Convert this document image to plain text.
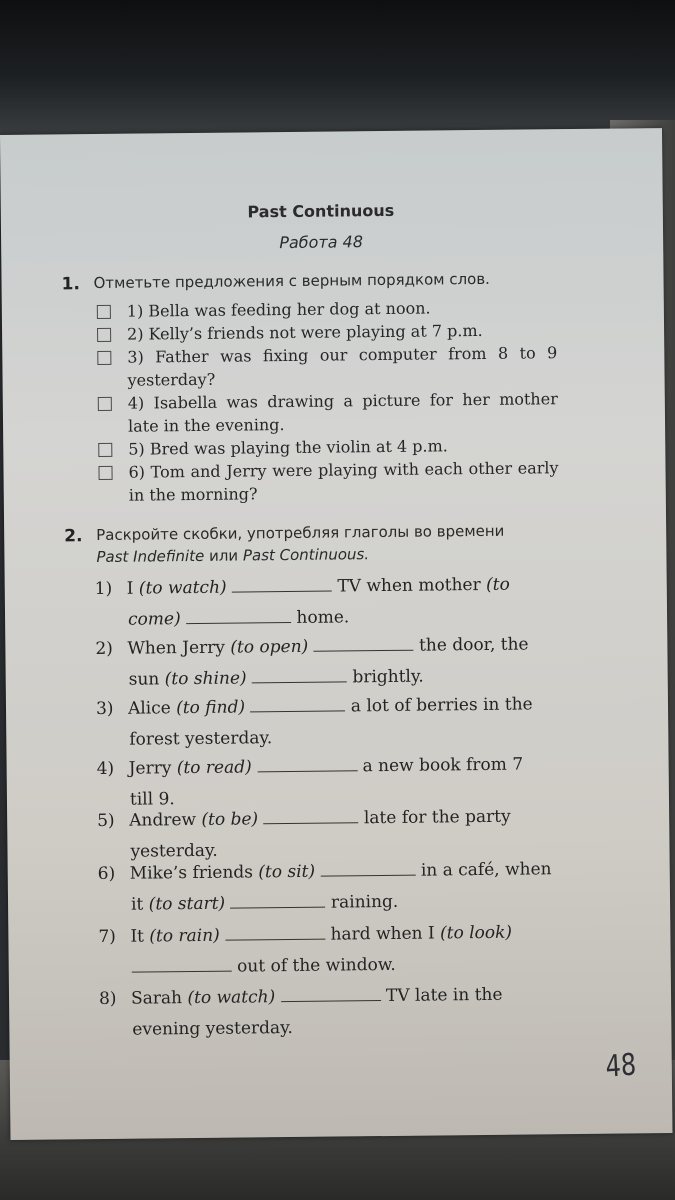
Past Continuous
Работа 48
1. Отметьте предложения с верным порядком слов.
1) Bella was feeding her dog at noon.
2) Kelly’s friends not were playing at 7 p.m.
3) Father was fixing our computer from 8 to 9 yesterday?
4) Isabella was drawing a picture for her mother late in the evening.
5) Bred was playing the violin at 4 p.m.
6) Tom and Jerry were playing with each other early in the morning?
2. Раскройте скобки, употребляя глаголы во времени
Past Indefinite или Past Continuous.
1) I (to watch)	TV when mother (to
come)	home.
2) When Jerry (to open)	the door, the
sun (to shine)	brightly.
3) Alice (to find)	a lot of berries in the
forest yesterday.
4) Jerry (to read)	a new book from 7
till 9.
5) Andrew (to be)	late for the party
yesterday.
6) Mike’s friends (to sit)	in a café, when
it (to start)	raining.
7) It (to rain)	hard when I (to look)
out of the window.
8) Sarah (to watch)	TV late in the
evening yesterday.
48
